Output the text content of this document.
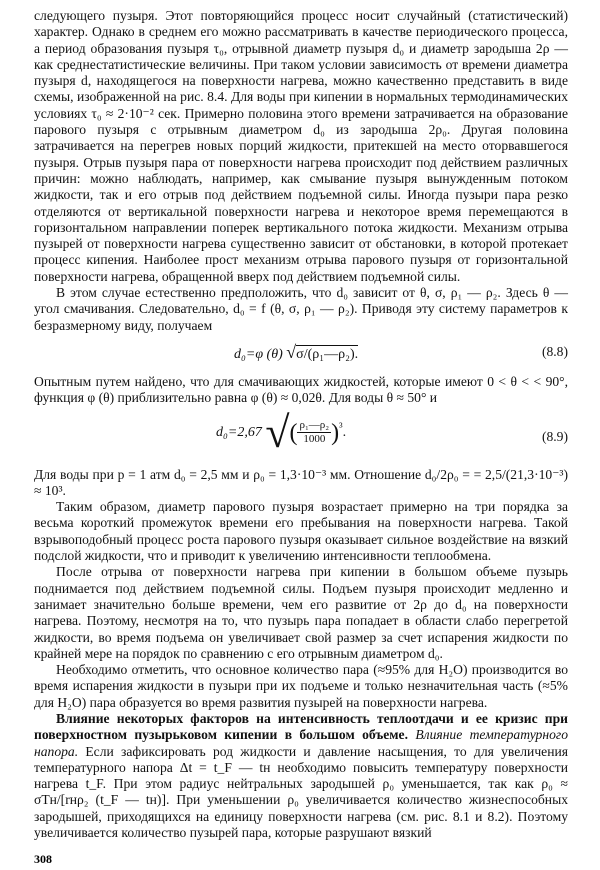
следующего пузыря. Этот повторяющийся процесс носит случайный (статистический) характер. Однако в среднем его можно рассматривать в качестве периодического процесса, а период образования пузыря τ₀, отрывной диаметр пузыря d₀ и диаметр зародыша 2ρ — как среднестатистические величины. При таком условии зависимость от времени диаметра пузыря d, находящегося на поверхности нагрева, можно качественно представить в виде схемы, изображенной на рис. 8.4. Для воды при кипении в нормальных термодинамических условиях τ₀ ≈ 2·10⁻² сек. Примерно половина этого времени затрачивается на образование парового пузыря с отрывным диаметром d₀ из зародыша 2ρ₀. Другая половина затрачивается на перегрев новых порций жидкости, притекшей на место оторвавшегося пузыря. Отрыв пузыря пара от поверхности нагрева происходит под действием различных причин: можно наблюдать, например, как смывание пузыря вынужденным потоком жидкости, так и его отрыв под действием подъемной силы. Иногда пузыри пара резко отделяются от вертикальной поверхности нагрева и некоторое время перемещаются в горизонтальном направлении поперек вертикального потока жидкости. Механизм отрыва пузырей от поверхности нагрева существенно зависит от обстановки, в которой протекает процесс кипения. Наиболее прост механизм отрыва парового пузыря от горизонтальной поверхности нагрева, обращенной вверх под действием подъемной силы.

В этом случае естественно предположить, что d₀ зависит от θ, σ, ρ₁ — ρ₂. Здесь θ — угол смачивания. Следовательно, d₀ = f (θ, σ, ρ₁ — ρ₂). Приводя эту систему параметров к безразмерному виду, получаем

d₀=φ (θ) √σ/(ρ₁—ρ₂).	(8.8)

Опытным путем найдено, что для смачивающих жидкостей, которые имеют 0 < θ < < 90°, функция φ (θ) приблизительно равна φ (θ) ≈ 0,02θ. Для воды θ ≈ 50° и

d₀=2,67 √( $\frac{\text{ρ₁—ρ₂}}{1000} )^{^3}$.	(8.9)

Для воды при p = 1 атм d₀ = 2,5 мм и ρ₀ = 1,3·10⁻³ мм. Отношение d₀/2ρ₀ = = 2,5/(21,3·10⁻³) ≈ 10³.

Таким образом, диаметр парового пузыря возрастает примерно на три порядка за весьма короткий промежуток времени его пребывания на поверхности нагрева. Такой взрывоподобный процесс роста парового пузыря оказывает сильное воздействие на вязкий подслой жидкости, что и приводит к увеличению интенсивности теплообмена.

После отрыва от поверхности нагрева при кипении в большом объеме пузырь поднимается под действием подъемной силы. Подъем пузыря происходит медленно и занимает значительно больше времени, чем его развитие от 2ρ до d₀ на поверхности нагрева. Поэтому, несмотря на то, что пузырь пара попадает в области слабо перегретой жидкости, во время подъема он увеличивает свой размер за счет испарения жидкости по крайней мере на порядок по сравнению с его отрывным диаметром d₀.

Необходимо отметить, что основное количество пара (≈95% для H₂O) производится во время испарения жидкости в пузыри при их подъеме и только незначительная часть (≈5% для H₂O) пара образуется во время развития пузырей на поверхности нагрева.

Влияние некоторых факторов на интенсивность теплоотдачи и ее кризис при поверхностном пузырьковом кипении в большом объеме. Влияние температурного напора. Если зафиксировать род жидкости и давление насыщения, то для увеличения температурного напора Δt = t_F — tн необходимо повысить температуру поверхности нагрева t_F. При этом радиус нейтральных зародышей ρ₀ уменьшается, так как ρ₀ ≈ σTн/[rнρ₂ (t_F — tн)]. При уменьшении ρ₀ увеличивается количество жизнеспособных зародышей, приходящихся на единицу поверхности нагрева (см. рис. 8.1 и 8.2). Поэтому увеличивается количество пузырей пара, которые разрушают вязкий

308
